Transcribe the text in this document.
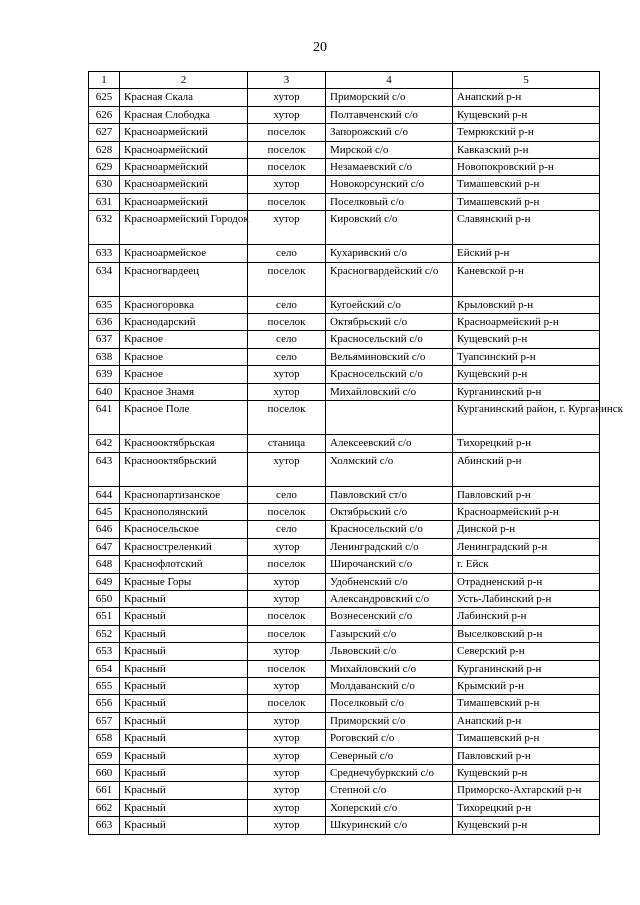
20
1	2	3	4	5
625	Красная Скала	хутор	Приморский с/о	Анапский р-н
626	Красная Слободка	хутор	Полтавченский с/о	Кущевский р-н
627	Красноармейский	поселок	Запорожский с/о	Темрюкский р-н
628	Красноармейский	поселок	Мирской с/о	Кавказский р-н
629	Красноармейский	поселок	Незамаевский с/о	Новопокровский р-н
630	Красноармейский	хутор	Новокорсунский с/о	Тимашевский р-н
631	Красноармейский	поселок	Поселковый с/о	Тимашевский р-н
632	Красноармейский Городок	хутор	Кировский с/о	Славянский р-н
633	Красноармейское	село	Кухаривский с/о	Ейский р-н
634	Красногвардеец	поселок	Красногвардейский с/о	Каневской р-н
635	Красногоровка	село	Кугоейский с/о	Крыловский р-н
636	Краснодарский	поселок	Октябрьский с/о	Красноармейский р-н
637	Красное	село	Красносельский с/о	Кущевский р-н
638	Красное	село	Вельяминовский с/о	Туапсинский р-н
639	Красное	хутор	Красносельский с/о	Кущевский р-н
640	Красное Знамя	хутор	Михайловский с/о	Курганинский р-н
641	Красное Поле	поселок		Курганинский район, г. Курганинск
642	Краснооктябрьская	станица	Алексеевский с/о	Тихорецкий р-н
643	Краснооктябрьский	хутор	Холмский с/о	Абинский р-н
644	Краснопартизанское	село	Павловский ст/о	Павловский р-н
645	Краснополянский	поселок	Октябрьский с/о	Красноармейский р-н
646	Красносельское	село	Красносельский с/о	Динской р-н
647	Красностреленкий	хутор	Ленинградский с/о	Ленинградский р-н
648	Краснофлотский	поселок	Широчанский с/о	г. Ейск
649	Красные Горы	хутор	Удобненский с/о	Отрадненский р-н
650	Красный	хутор	Александровский с/о	Усть-Лабинский р-н
651	Красный	поселок	Вознесенский с/о	Лабинский р-н
652	Красный	поселок	Газырский с/о	Выселковский р-н
653	Красный	хутор	Львовский с/о	Северский р-н
654	Красный	поселок	Михайловский с/о	Курганинский р-н
655	Красный	хутор	Молдаванский с/о	Крымский р-н
656	Красный	поселок	Поселковый с/о	Тимашевский р-н
657	Красный	хутор	Приморский с/о	Анапский р-н
658	Красный	хутор	Роговский с/о	Тимашевский р-н
659	Красный	хутор	Северный с/о	Павловский р-н
660	Красный	хутор	Среднечубуркский с/о	Кущевский р-н
661	Красный	хутор	Степной с/о	Приморско-Ахтарский р-н
662	Красный	хутор	Хоперский с/о	Тихорецкий р-н
663	Красный	хутор	Шкуринский с/о	Кущевский р-н
